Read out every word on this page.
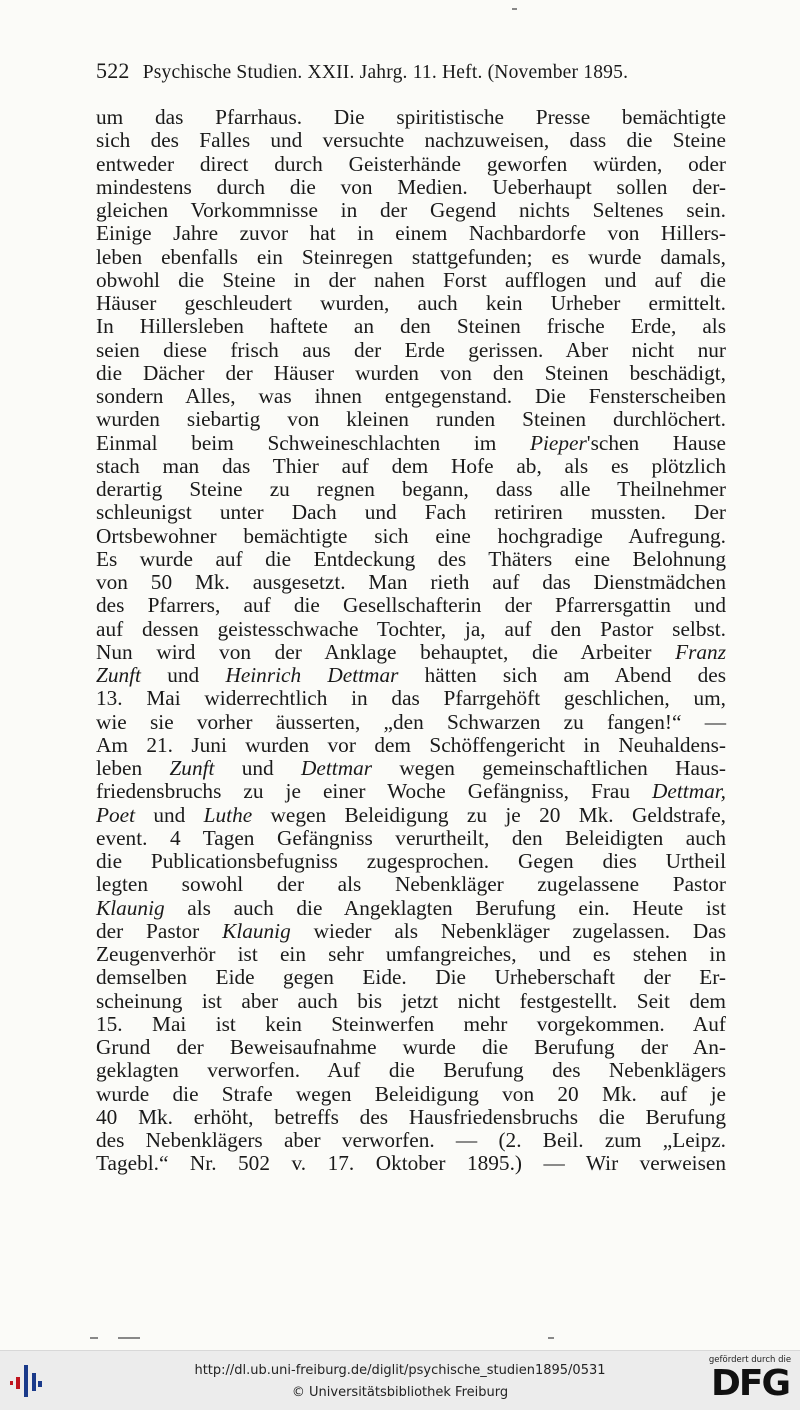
522 Psychische Studien. XXII. Jahrg. 11. Heft. (November 1895.
um das Pfarrhaus. Die spiritistische Presse bemächtigte
sich des Falles und versuchte nachzuweisen, dass die Steine
entweder direct durch Geisterhände geworfen würden, oder
mindestens durch die von Medien. Ueberhaupt sollen der-
gleichen Vorkommnisse in der Gegend nichts Seltenes sein.
Einige Jahre zuvor hat in einem Nachbardorfe von Hillers-
leben ebenfalls ein Steinregen stattgefunden; es wurde damals,
obwohl die Steine in der nahen Forst aufflogen und auf die
Häuser geschleudert wurden, auch kein Urheber ermittelt.
In Hillersleben haftete an den Steinen frische Erde, als
seien diese frisch aus der Erde gerissen. Aber nicht nur
die Dächer der Häuser wurden von den Steinen beschädigt,
sondern Alles, was ihnen entgegenstand. Die Fensterscheiben
wurden siebartig von kleinen runden Steinen durchlöchert.
Einmal beim Schweineschlachten im Pieper'schen Hause
stach man das Thier auf dem Hofe ab, als es plötzlich
derartig Steine zu regnen begann, dass alle Theilnehmer
schleunigst unter Dach und Fach retiriren mussten. Der
Ortsbewohner bemächtigte sich eine hochgradige Aufregung.
Es wurde auf die Entdeckung des Thäters eine Belohnung
von 50 Mk. ausgesetzt. Man rieth auf das Dienstmädchen
des Pfarrers, auf die Gesellschafterin der Pfarrersgattin und
auf dessen geistesschwache Tochter, ja, auf den Pastor selbst.
Nun wird von der Anklage behauptet, die Arbeiter Franz
Zunft und Heinrich Dettmar hätten sich am Abend des
13. Mai widerrechtlich in das Pfarrgehöft geschlichen, um,
wie sie vorher äusserten, „den Schwarzen zu fangen!“ —
Am 21. Juni wurden vor dem Schöffengericht in Neuhaldens-
leben Zunft und Dettmar wegen gemeinschaftlichen Haus-
friedensbruchs zu je einer Woche Gefängniss, Frau Dettmar,
Poet und Luthe wegen Beleidigung zu je 20 Mk. Geldstrafe,
event. 4 Tagen Gefängniss verurtheilt, den Beleidigten auch
die Publicationsbefugniss zugesprochen. Gegen dies Urtheil
legten sowohl der als Nebenkläger zugelassene Pastor
Klaunig als auch die Angeklagten Berufung ein. Heute ist
der Pastor Klaunig wieder als Nebenkläger zugelassen. Das
Zeugenverhör ist ein sehr umfangreiches, und es stehen in
demselben Eide gegen Eide. Die Urheberschaft der Er-
scheinung ist aber auch bis jetzt nicht festgestellt. Seit dem
15. Mai ist kein Steinwerfen mehr vorgekommen. Auf
Grund der Beweisaufnahme wurde die Berufung der An-
geklagten verworfen. Auf die Berufung des Nebenklägers
wurde die Strafe wegen Beleidigung von 20 Mk. auf je
40 Mk. erhöht, betreffs des Hausfriedensbruchs die Berufung
des Nebenklägers aber verworfen. — (2. Beil. zum „Leipz.
Tagebl.“ Nr. 502 v. 17. Oktober 1895.) — Wir verweisen
http://dl.ub.uni-freiburg.de/diglit/psychische_studien1895/0531
© Universitätsbibliothek Freiburg
gefördert durch die
DFG
